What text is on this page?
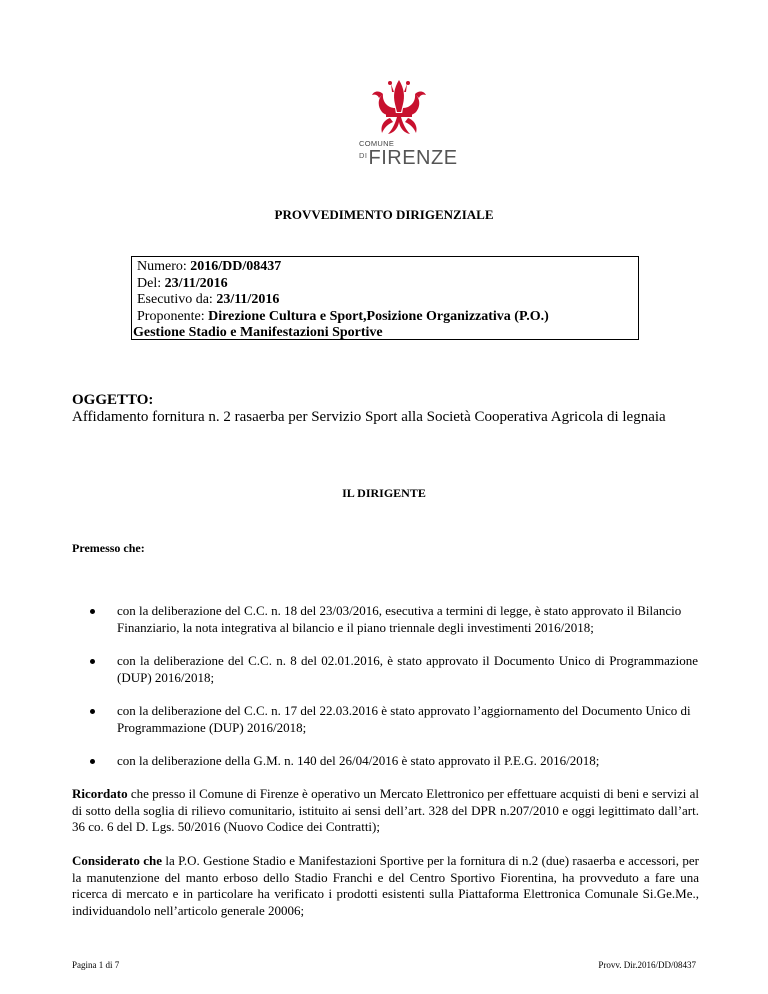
COMUNE
$^{DI}$FIRENZE
PROVVEDIMENTO DIRIGENZIALE
Numero: 2016/DD/08437
Del: 23/11/2016
Esecutivo da: 23/11/2016
Proponente: Direzione Cultura e Sport,Posizione Organizzativa (P.O.)
Gestione Stadio e Manifestazioni Sportive
OGGETTO:
Affidamento fornitura n. 2 rasaerba per Servizio Sport alla Società Cooperativa Agricola di legnaia
IL DIRIGENTE
Premesso che:
con la deliberazione del C.C. n. 18 del 23/03/2016, esecutiva a termini di legge, è stato approvato il Bilancio Finanziario, la nota integrativa al bilancio e il piano triennale degli investimenti 2016/2018;
con la deliberazione del C.C. n. 8 del 02.01.2016, è stato approvato il Documento Unico di Programmazione (DUP) 2016/2018;
con la deliberazione del C.C. n. 17 del 22.03.2016 è stato approvato l’aggiornamento del Documento Unico di Programmazione (DUP) 2016/2018;
con la deliberazione della G.M. n. 140 del 26/04/2016 è stato approvato il P.E.G. 2016/2018;
Ricordato che presso il Comune di Firenze è operativo un Mercato Elettronico per effettuare acquisti di beni e servizi al di sotto della soglia di rilievo comunitario, istituito ai sensi dell’art. 328 del DPR n.207/2010 e oggi legittimato dall’art. 36 co. 6 del D. Lgs. 50/2016 (Nuovo Codice dei Contratti);
Considerato che la P.O. Gestione Stadio e Manifestazioni Sportive per la fornitura di n.2 (due) rasaerba e accessori, per la manutenzione del manto erboso dello Stadio Franchi e del Centro Sportivo Fiorentina, ha provveduto a fare una ricerca di mercato e in particolare ha verificato i prodotti esistenti sulla Piattaforma Elettronica Comunale Si.Ge.Me., individuandolo nell’articolo generale 20006;
Pagina 1 di 7	Provv. Dir.2016/DD/08437
